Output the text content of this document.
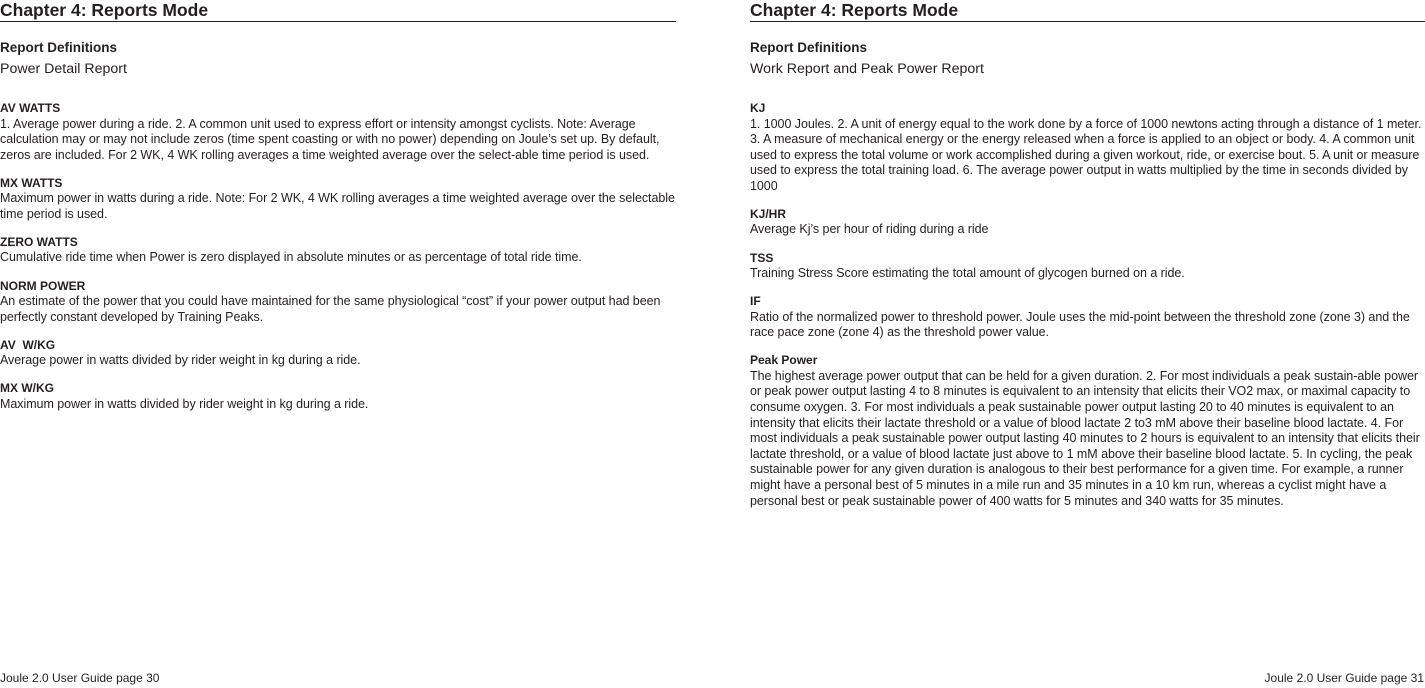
Chapter 4: Reports Mode
Report Definitions

Power Detail Report

AV WATTS

1. Average power during a ride. 2. A common unit used to express effort or intensity amongst cyclists. Note: Average calculation may or may not include zeros (time spent coasting or with no power) depending on Joule’s set up. By default, zeros are included. For 2 WK, 4 WK rolling averages a time weighted average over the select-able time period is used.

MX WATTS

Maximum power in watts during a ride. Note: For 2 WK, 4 WK rolling averages a time weighted average over the selectable time period is used.

ZERO WATTS

Cumulative ride time when Power is zero displayed in absolute minutes or as percentage of total ride time.

NORM POWER

An estimate of the power that you could have maintained for the same physiological “cost” if your power output had been perfectly constant developed by Training Peaks.

AV  W/KG

Average power in watts divided by rider weight in kg during a ride.

MX W/KG

Maximum power in watts divided by rider weight in kg during a ride.

Joule 2.0 User Guide page 30
Chapter 4: Reports Mode
Report Definitions

Work Report and Peak Power Report

KJ

1. 1000 Joules. 2. A unit of energy equal to the work done by a force of 1000 newtons acting through a distance of 1 meter. 3. A measure of mechanical energy or the energy released when a force is applied to an object or body. 4. A common unit used to express the total volume or work accomplished during a given workout, ride, or exercise bout. 5. A unit or measure used to express the total training load. 6. The average power output in watts multiplied by the time in seconds divided by 1000

KJ/HR

Average Kj’s per hour of riding during a ride

TSS

Training Stress Score estimating the total amount of glycogen burned on a ride.

IF

Ratio of the normalized power to threshold power. Joule uses the mid-point between the threshold zone (zone 3) and the race pace zone (zone 4) as the threshold power value.

Peak Power

The highest average power output that can be held for a given duration. 2. For most individuals a peak sustain-able power or peak power output lasting 4 to 8 minutes is equivalent to an intensity that elicits their VO2 max, or maximal capacity to consume oxygen. 3. For most individuals a peak sustainable power output lasting 20 to 40 minutes is equivalent to an intensity that elicits their lactate threshold or a value of blood lactate 2 to3 mM above their baseline blood lactate. 4. For most individuals a peak sustainable power output lasting 40 minutes to 2 hours is equivalent to an intensity that elicits their lactate threshold, or a value of blood lactate just above to 1 mM above their baseline blood lactate. 5. In cycling, the peak sustainable power for any given duration is analogous to their best performance for a given time. For example, a runner might have a personal best of 5 minutes in a mile run and 35 minutes in a 10 km run, whereas a cyclist might have a personal best or peak sustainable power of 400 watts for 5 minutes and 340 watts for 35 minutes.

Joule 2.0 User Guide page 31
